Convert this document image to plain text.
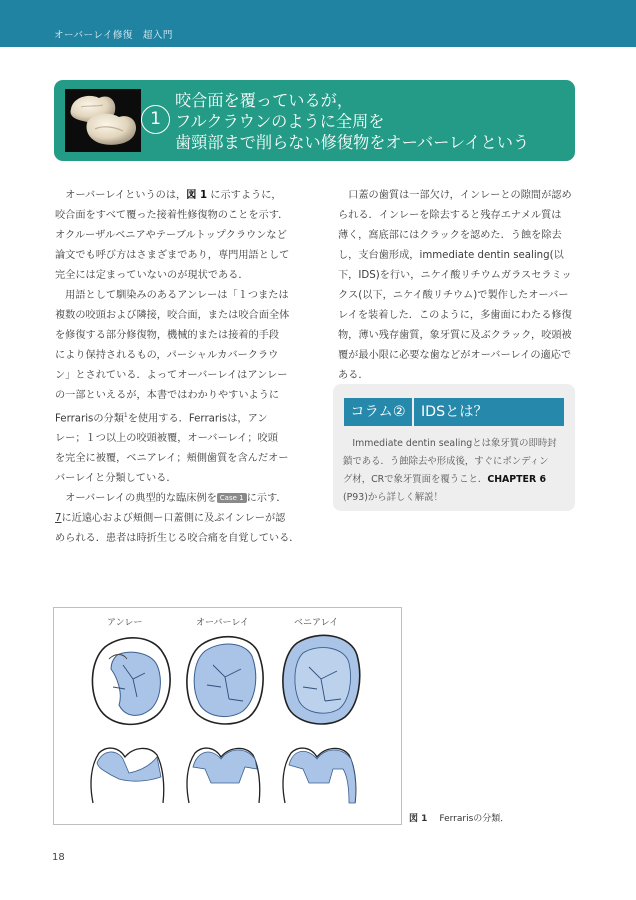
オーバーレイ修復　超入門
1
咬合面を覆っているが，
フルクラウンのように全周を
歯頸部まで削らない修復物をオーバーレイという

　オーバーレイというのは，図 1 に示すように，

咬合面をすべて覆った接着性修復物のことを示す．

オクルーザルベニアやテーブルトップクラウンなど

論文でも呼び方はさまざまであり，専門用語として

完全には定まっていないのが現状である．

　用語として馴染みのあるアンレーは「１つまたは

複数の咬頭および隣接，咬合面，または咬合面全体

を修復する部分修復物，機械的または接着的手段

により保持されるもの，パーシャルカバークラウ

ン」とされている．よってオーバーレイはアンレー

の一部といえるが，本書ではわかりやすいように

Ferrarisの分類$^1$を使用する．Ferrarisは，アン

レー；１つ以上の咬頭被覆，オーバーレイ；咬頭

を完全に被覆，ベニアレイ；頬側歯質を含んだオー

バーレイと分類している．

　オーバーレイの典型的な臨床例を Case 1 に示す．

7に近遠心および頬側ー口蓋側に及ぶインレーが認

められる．患者は時折生じる咬合痛を自覚している．

　口蓋の歯質は一部欠け，インレーとの隙間が認め

られる．インレーを除去すると残存エナメル質は

薄く，窩底部にはクラックを認めた．う蝕を除去

し，支台歯形成，immediate dentin sealing(以

下，IDS)を行い，ニケイ酸リチウムガラスセラミッ

クス(以下，ニケイ酸リチウム)で製作したオーバー

レイを装着した．このように，多歯面にわたる修復

物，薄い残存歯質，象牙質に及ぶクラック，咬頭被

覆が最小限に必要な歯などがオーバーレイの適応で

ある．

コラム②	IDSとは？

　Immediate dentin sealingとは象牙質の即時封

鎖である．う蝕除去や形成後，すぐにボンディン

グ材，CRで象牙質面を覆うこと．CHAPTER 6

(P93)から詳しく解説！

アンレー	オーバーレイ	ベニアレイ
図 1 Ferrarisの分類．
18
